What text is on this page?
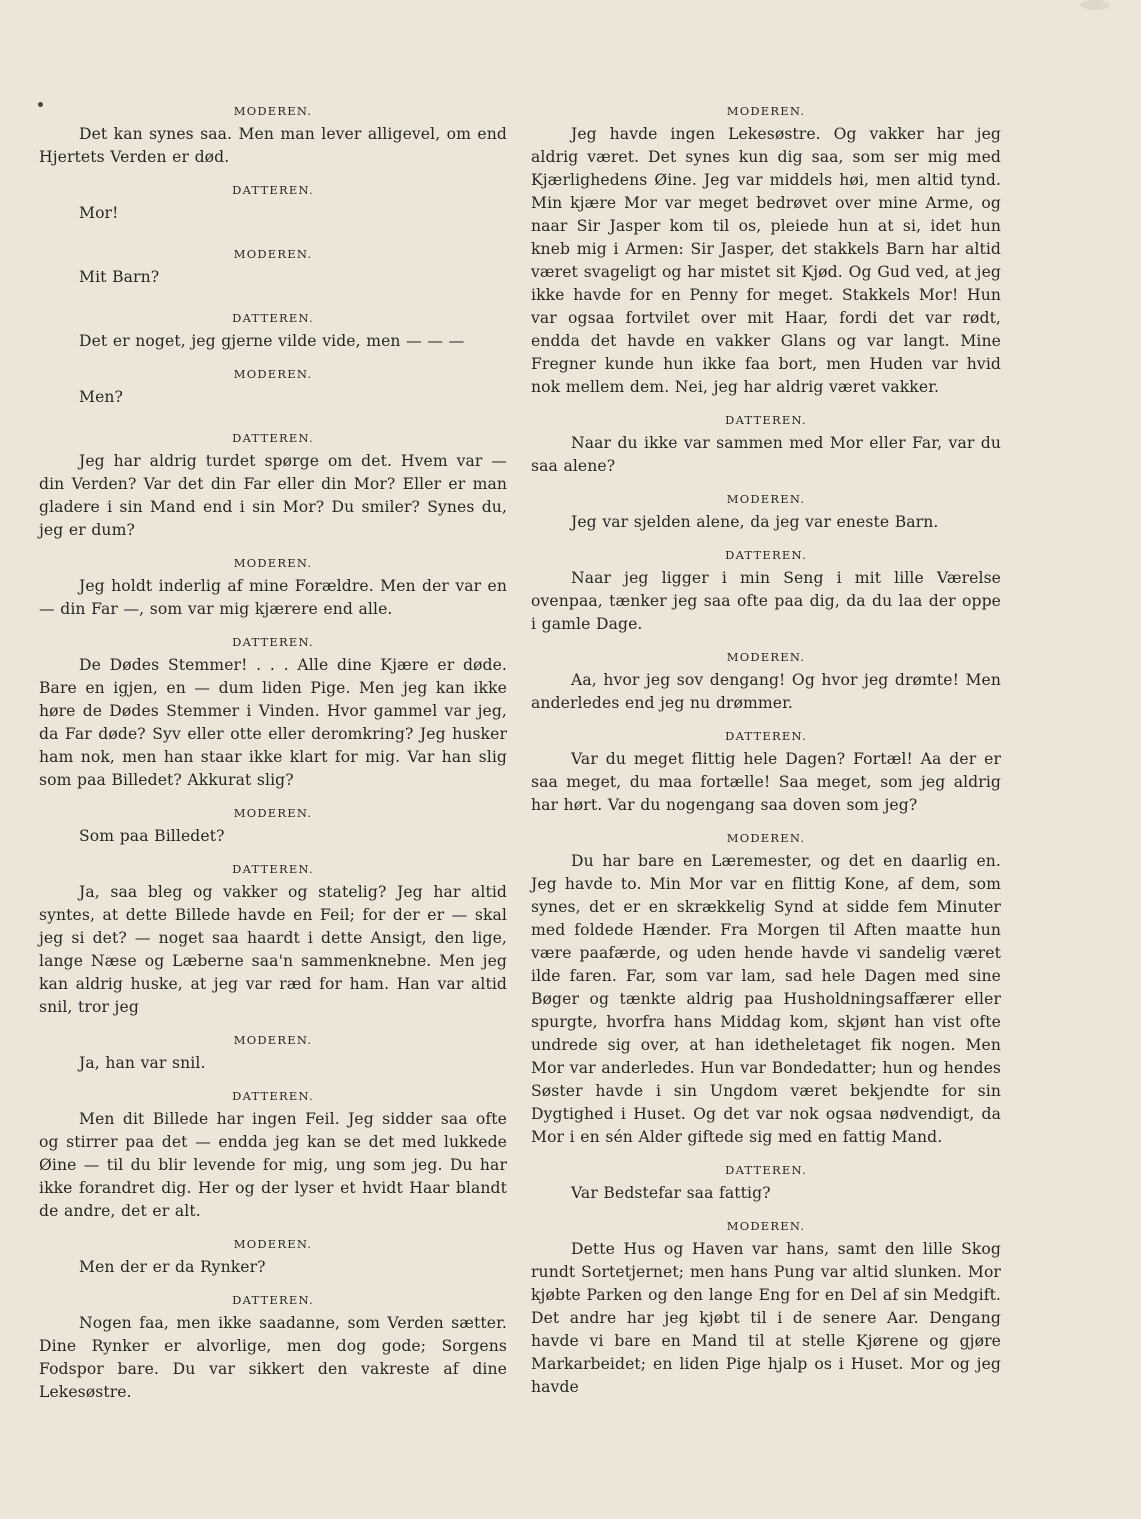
MODEREN.

Det kan synes saa. Men man lever alligevel, om end Hjertets Verden er død.

DATTEREN.

Mor!

MODEREN.

Mit Barn?

DATTEREN.

Det er noget, jeg gjerne vilde vide, men — — —

MODEREN.

Men?

DATTEREN.

Jeg har aldrig turdet spørge om det. Hvem var — din Verden? Var det din Far eller din Mor? Eller er man gladere i sin Mand end i sin Mor? Du smiler? Synes du, jeg er dum?

MODEREN.

Jeg holdt inderlig af mine Forældre. Men der var en — din Far —, som var mig kjærere end alle.

DATTEREN.

De Dødes Stemmer! . . . Alle dine Kjære er døde. Bare en igjen, en — dum liden Pige. Men jeg kan ikke høre de Dødes Stemmer i Vinden. Hvor gammel var jeg, da Far døde? Syv eller otte eller deromkring? Jeg husker ham nok, men han staar ikke klart for mig. Var han slig som paa Billedet? Akkurat slig?

MODEREN.

Som paa Billedet?

DATTEREN.

Ja, saa bleg og vakker og statelig? Jeg har altid syntes, at dette Billede havde en Feil; for der er — skal jeg si det? — noget saa haardt i dette Ansigt, den lige, lange Næse og Læberne saa'n sammenknebne. Men jeg kan aldrig huske, at jeg var ræd for ham. Han var altid snil, tror jeg

MODEREN.

Ja, han var snil.

DATTEREN.

Men dit Billede har ingen Feil. Jeg sidder saa ofte og stirrer paa det — endda jeg kan se det med lukkede Øine — til du blir levende for mig, ung som jeg. Du har ikke forandret dig. Her og der lyser et hvidt Haar blandt de andre, det er alt.

MODEREN.

Men der er da Rynker?

DATTEREN.

Nogen faa, men ikke saadanne, som Verden sætter. Dine Rynker er alvorlige, men dog gode; Sorgens Fodspor bare. Du var sikkert den vakreste af dine Lekesøstre.

MODEREN.

Jeg havde ingen Lekesøstre. Og vakker har jeg aldrig været. Det synes kun dig saa, som ser mig med Kjærlighedens Øine. Jeg var middels høi, men altid tynd. Min kjære Mor var meget bedrøvet over mine Arme, og naar Sir Jasper kom til os, pleiede hun at si, idet hun kneb mig i Armen: Sir Jasper, det stakkels Barn har altid været svageligt og har mistet sit Kjød. Og Gud ved, at jeg ikke havde for en Penny for meget. Stakkels Mor! Hun var ogsaa fortvilet over mit Haar, fordi det var rødt, endda det havde en vakker Glans og var langt. Mine Fregner kunde hun ikke faa bort, men Huden var hvid nok mellem dem. Nei, jeg har aldrig været vakker.

DATTEREN.

Naar du ikke var sammen med Mor eller Far, var du saa alene?

MODEREN.

Jeg var sjelden alene, da jeg var eneste Barn.

DATTEREN.

Naar jeg ligger i min Seng i mit lille Værelse ovenpaa, tænker jeg saa ofte paa dig, da du laa der oppe i gamle Dage.

MODEREN.

Aa, hvor jeg sov dengang! Og hvor jeg drømte! Men anderledes end jeg nu drømmer.

DATTEREN.

Var du meget flittig hele Dagen? Fortæl! Aa der er saa meget, du maa fortælle! Saa meget, som jeg aldrig har hørt. Var du nogengang saa doven som jeg?

MODEREN.

Du har bare en Læremester, og det en daarlig en. Jeg havde to. Min Mor var en flittig Kone, af dem, som synes, det er en skrækkelig Synd at sidde fem Minuter med foldede Hænder. Fra Morgen til Aften maatte hun være paafærde, og uden hende havde vi sandelig været ilde faren. Far, som var lam, sad hele Dagen med sine Bøger og tænkte aldrig paa Husholdningsaffærer eller spurgte, hvorfra hans Middag kom, skjønt han vist ofte undrede sig over, at han idetheletaget fik nogen. Men Mor var anderledes. Hun var Bondedatter; hun og hendes Søster havde i sin Ungdom været bekjendte for sin Dygtighed i Huset. Og det var nok ogsaa nødvendigt, da Mor i en sén Alder giftede sig med en fattig Mand.

DATTEREN.

Var Bedstefar saa fattig?

MODEREN.

Dette Hus og Haven var hans, samt den lille Skog rundt Sortetjernet; men hans Pung var altid slunken. Mor kjøbte Parken og den lange Eng for en Del af sin Medgift. Det andre har jeg kjøbt til i de senere Aar. Dengang havde vi bare en Mand til at stelle Kjørene og gjøre Markarbeidet; en liden Pige hjalp os i Huset. Mor og jeg havde
